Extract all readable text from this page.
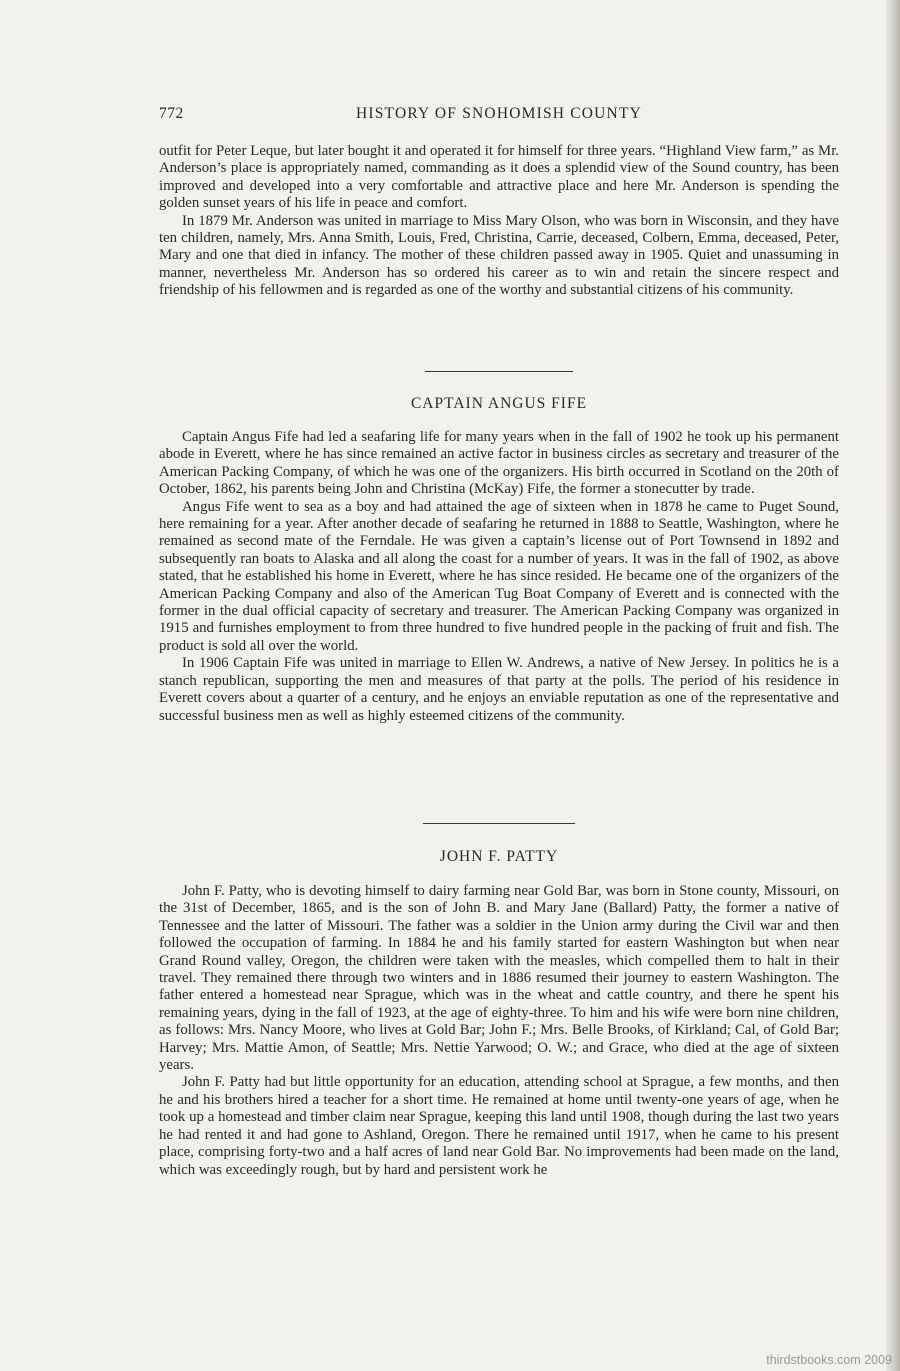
772	HISTORY OF SNOHOMISH COUNTY

outfit for Peter Leque, but later bought it and operated it for himself for three years. “Highland View farm,” as Mr. Anderson’s place is appropriately named, commanding as it does a splendid view of the Sound country, has been improved and developed into a very comfortable and attractive place and here Mr. Anderson is spending the golden sunset years of his life in peace and comfort.

In 1879 Mr. Anderson was united in marriage to Miss Mary Olson, who was born in Wisconsin, and they have ten children, namely, Mrs. Anna Smith, Louis, Fred, Christina, Carrie, deceased, Colbern, Emma, deceased, Peter, Mary and one that died in infancy. The mother of these children passed away in 1905. Quiet and unassuming in manner, nevertheless Mr. Anderson has so ordered his career as to win and retain the sincere respect and friendship of his fellowmen and is regarded as one of the worthy and substantial citizens of his community.

CAPTAIN ANGUS FIFE

Captain Angus Fife had led a seafaring life for many years when in the fall of 1902 he took up his permanent abode in Everett, where he has since remained an active factor in business circles as secretary and treasurer of the American Packing Company, of which he was one of the organizers. His birth occurred in Scotland on the 20th of October, 1862, his parents being John and Christina (McKay) Fife, the former a stonecutter by trade.

Angus Fife went to sea as a boy and had attained the age of sixteen when in 1878 he came to Puget Sound, here remaining for a year. After another decade of seafaring he returned in 1888 to Seattle, Washington, where he remained as second mate of the Ferndale. He was given a captain’s license out of Port Townsend in 1892 and subsequently ran boats to Alaska and all along the coast for a number of years. It was in the fall of 1902, as above stated, that he established his home in Everett, where he has since resided. He became one of the organizers of the American Packing Company and also of the American Tug Boat Company of Everett and is connected with the former in the dual official capacity of secretary and treasurer. The American Packing Company was organized in 1915 and furnishes employment to from three hundred to five hundred people in the packing of fruit and fish. The product is sold all over the world.

In 1906 Captain Fife was united in marriage to Ellen W. Andrews, a native of New Jersey. In politics he is a stanch republican, supporting the men and measures of that party at the polls. The period of his residence in Everett covers about a quarter of a century, and he enjoys an enviable reputation as one of the representative and successful business men as well as highly esteemed citizens of the community.

JOHN F. PATTY

John F. Patty, who is devoting himself to dairy farming near Gold Bar, was born in Stone county, Missouri, on the 31st of December, 1865, and is the son of John B. and Mary Jane (Ballard) Patty, the former a native of Tennessee and the latter of Missouri. The father was a soldier in the Union army during the Civil war and then followed the occupation of farming. In 1884 he and his family started for eastern Washington but when near Grand Round valley, Oregon, the children were taken with the measles, which compelled them to halt in their travel. They remained there through two winters and in 1886 resumed their journey to eastern Washington. The father entered a homestead near Sprague, which was in the wheat and cattle country, and there he spent his remaining years, dying in the fall of 1923, at the age of eighty-three. To him and his wife were born nine children, as follows: Mrs. Nancy Moore, who lives at Gold Bar; John F.; Mrs. Belle Brooks, of Kirkland; Cal, of Gold Bar; Harvey; Mrs. Mattie Amon, of Seattle; Mrs. Nettie Yarwood; O. W.; and Grace, who died at the age of sixteen years.

John F. Patty had but little opportunity for an education, attending school at Sprague, a few months, and then he and his brothers hired a teacher for a short time. He remained at home until twenty-one years of age, when he took up a homestead and timber claim near Sprague, keeping this land until 1908, though during the last two years he had rented it and had gone to Ashland, Oregon. There he remained until 1917, when he came to his present place, comprising forty-two and a half acres of land near Gold Bar. No improvements had been made on the land, which was exceedingly rough, but by hard and persistent work he

thirdstbooks.com 2009
